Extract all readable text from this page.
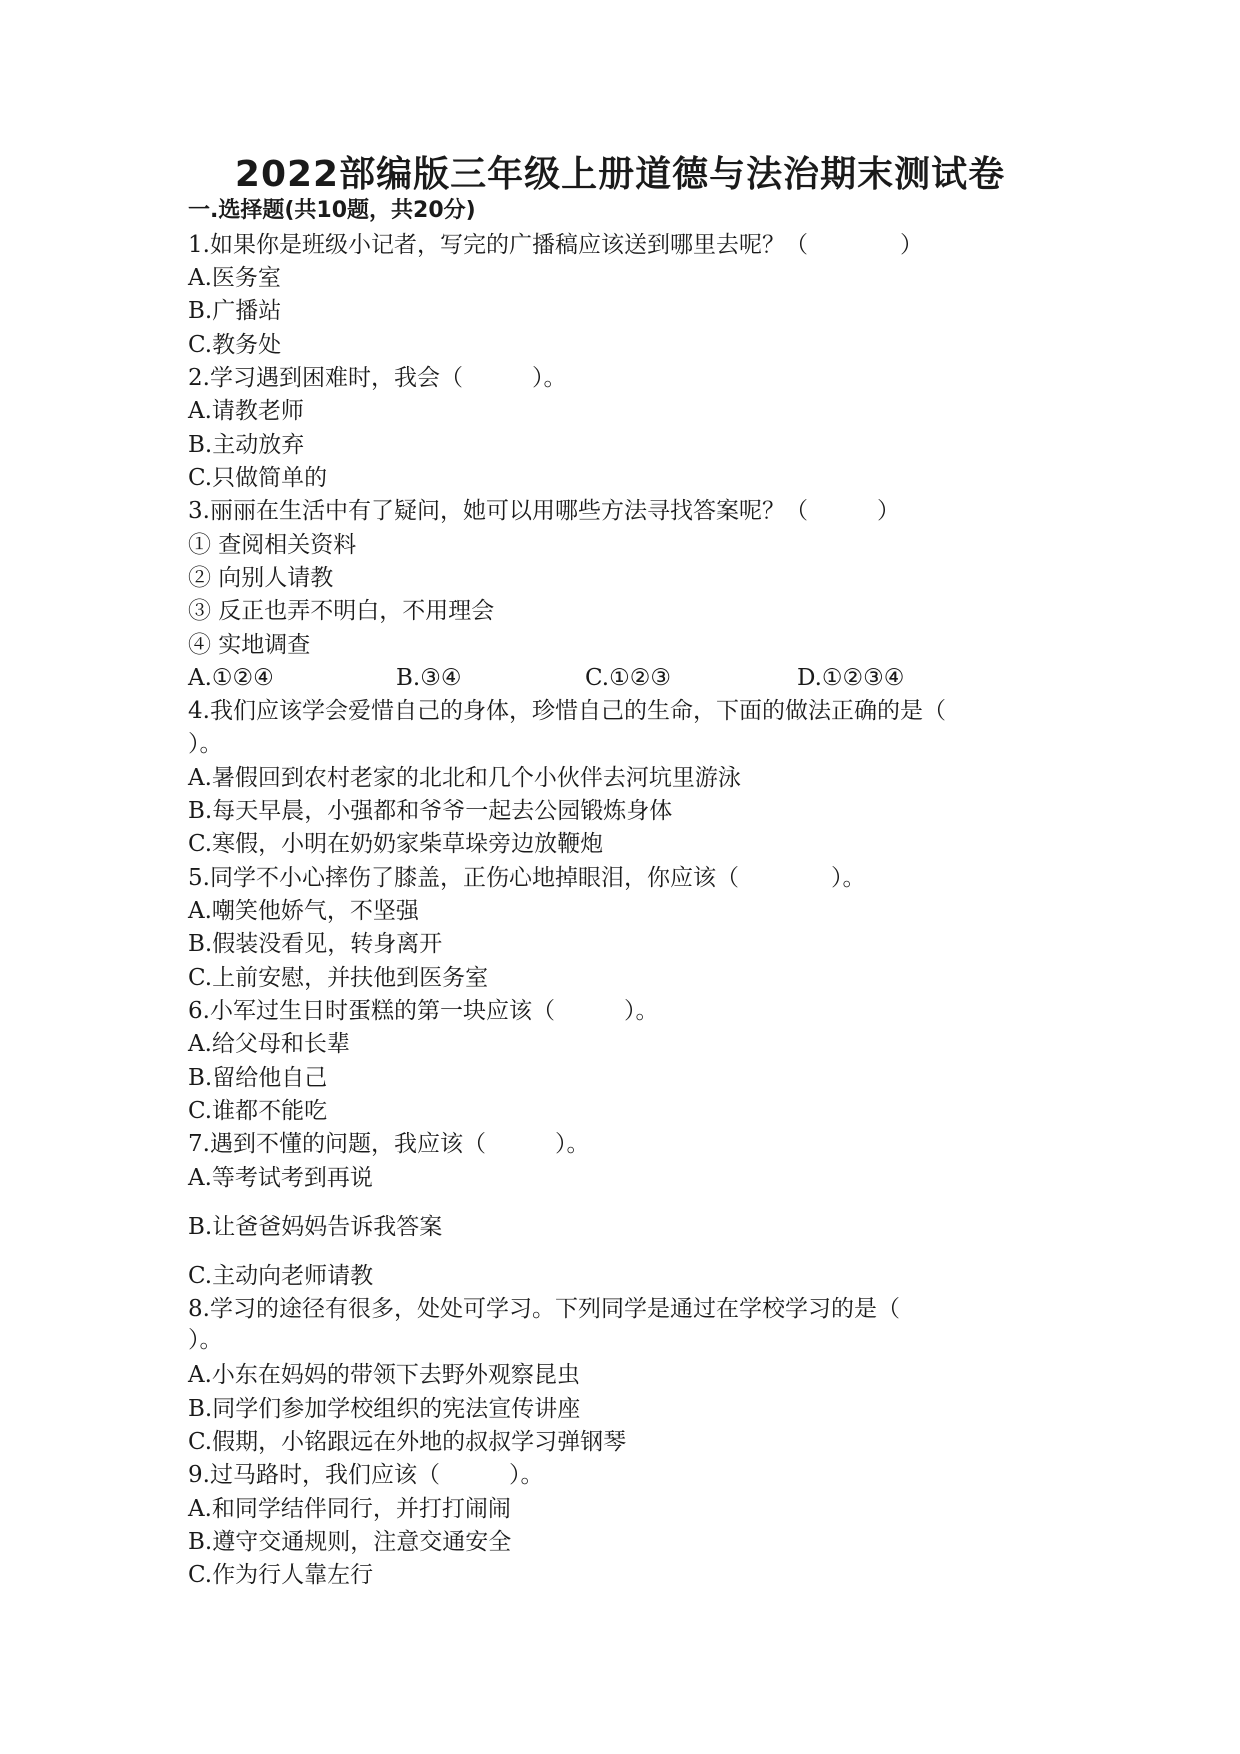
2022部编版三年级上册道德与法治期末测试卷
一.选择题(共10题，共20分)
1.如果你是班级小记者，写完的广播稿应该送到哪里去呢？（　　　　）
A.医务室
B.广播站
C.教务处
2.学习遇到困难时，我会（　　　）。
A.请教老师
B.主动放弃
C.只做简单的
3.丽丽在生活中有了疑问，她可以用哪些方法寻找答案呢？（　　　）
① 查阅相关资料
② 向别人请教
③ 反正也弄不明白，不用理会
④ 实地调查
A.①②④	B.③④	C.①②③	D.①②③④
4.我们应该学会爱惜自己的身体，珍惜自己的生命，下面的做法正确的是（
）。
A.暑假回到农村老家的北北和几个小伙伴去河坑里游泳
B.每天早晨，小强都和爷爷一起去公园锻炼身体
C.寒假，小明在奶奶家柴草垛旁边放鞭炮
5.同学不小心摔伤了膝盖，正伤心地掉眼泪，你应该（　　　　）。
A.嘲笑他娇气，不坚强
B.假装没看见，转身离开
C.上前安慰，并扶他到医务室
6.小军过生日时蛋糕的第一块应该（　　　）。
A.给父母和长辈
B.留给他自己
C.谁都不能吃
7.遇到不懂的问题，我应该（　　　）。
A.等考试考到再说
B.让爸爸妈妈告诉我答案
C.主动向老师请教
8.学习的途径有很多，处处可学习。下列同学是通过在学校学习的是（
）。
A.小东在妈妈的带领下去野外观察昆虫
B.同学们参加学校组织的宪法宣传讲座
C.假期，小铭跟远在外地的叔叔学习弹钢琴
9.过马路时，我们应该（　　　）。
A.和同学结伴同行，并打打闹闹
B.遵守交通规则，注意交通安全
C.作为行人靠左行
